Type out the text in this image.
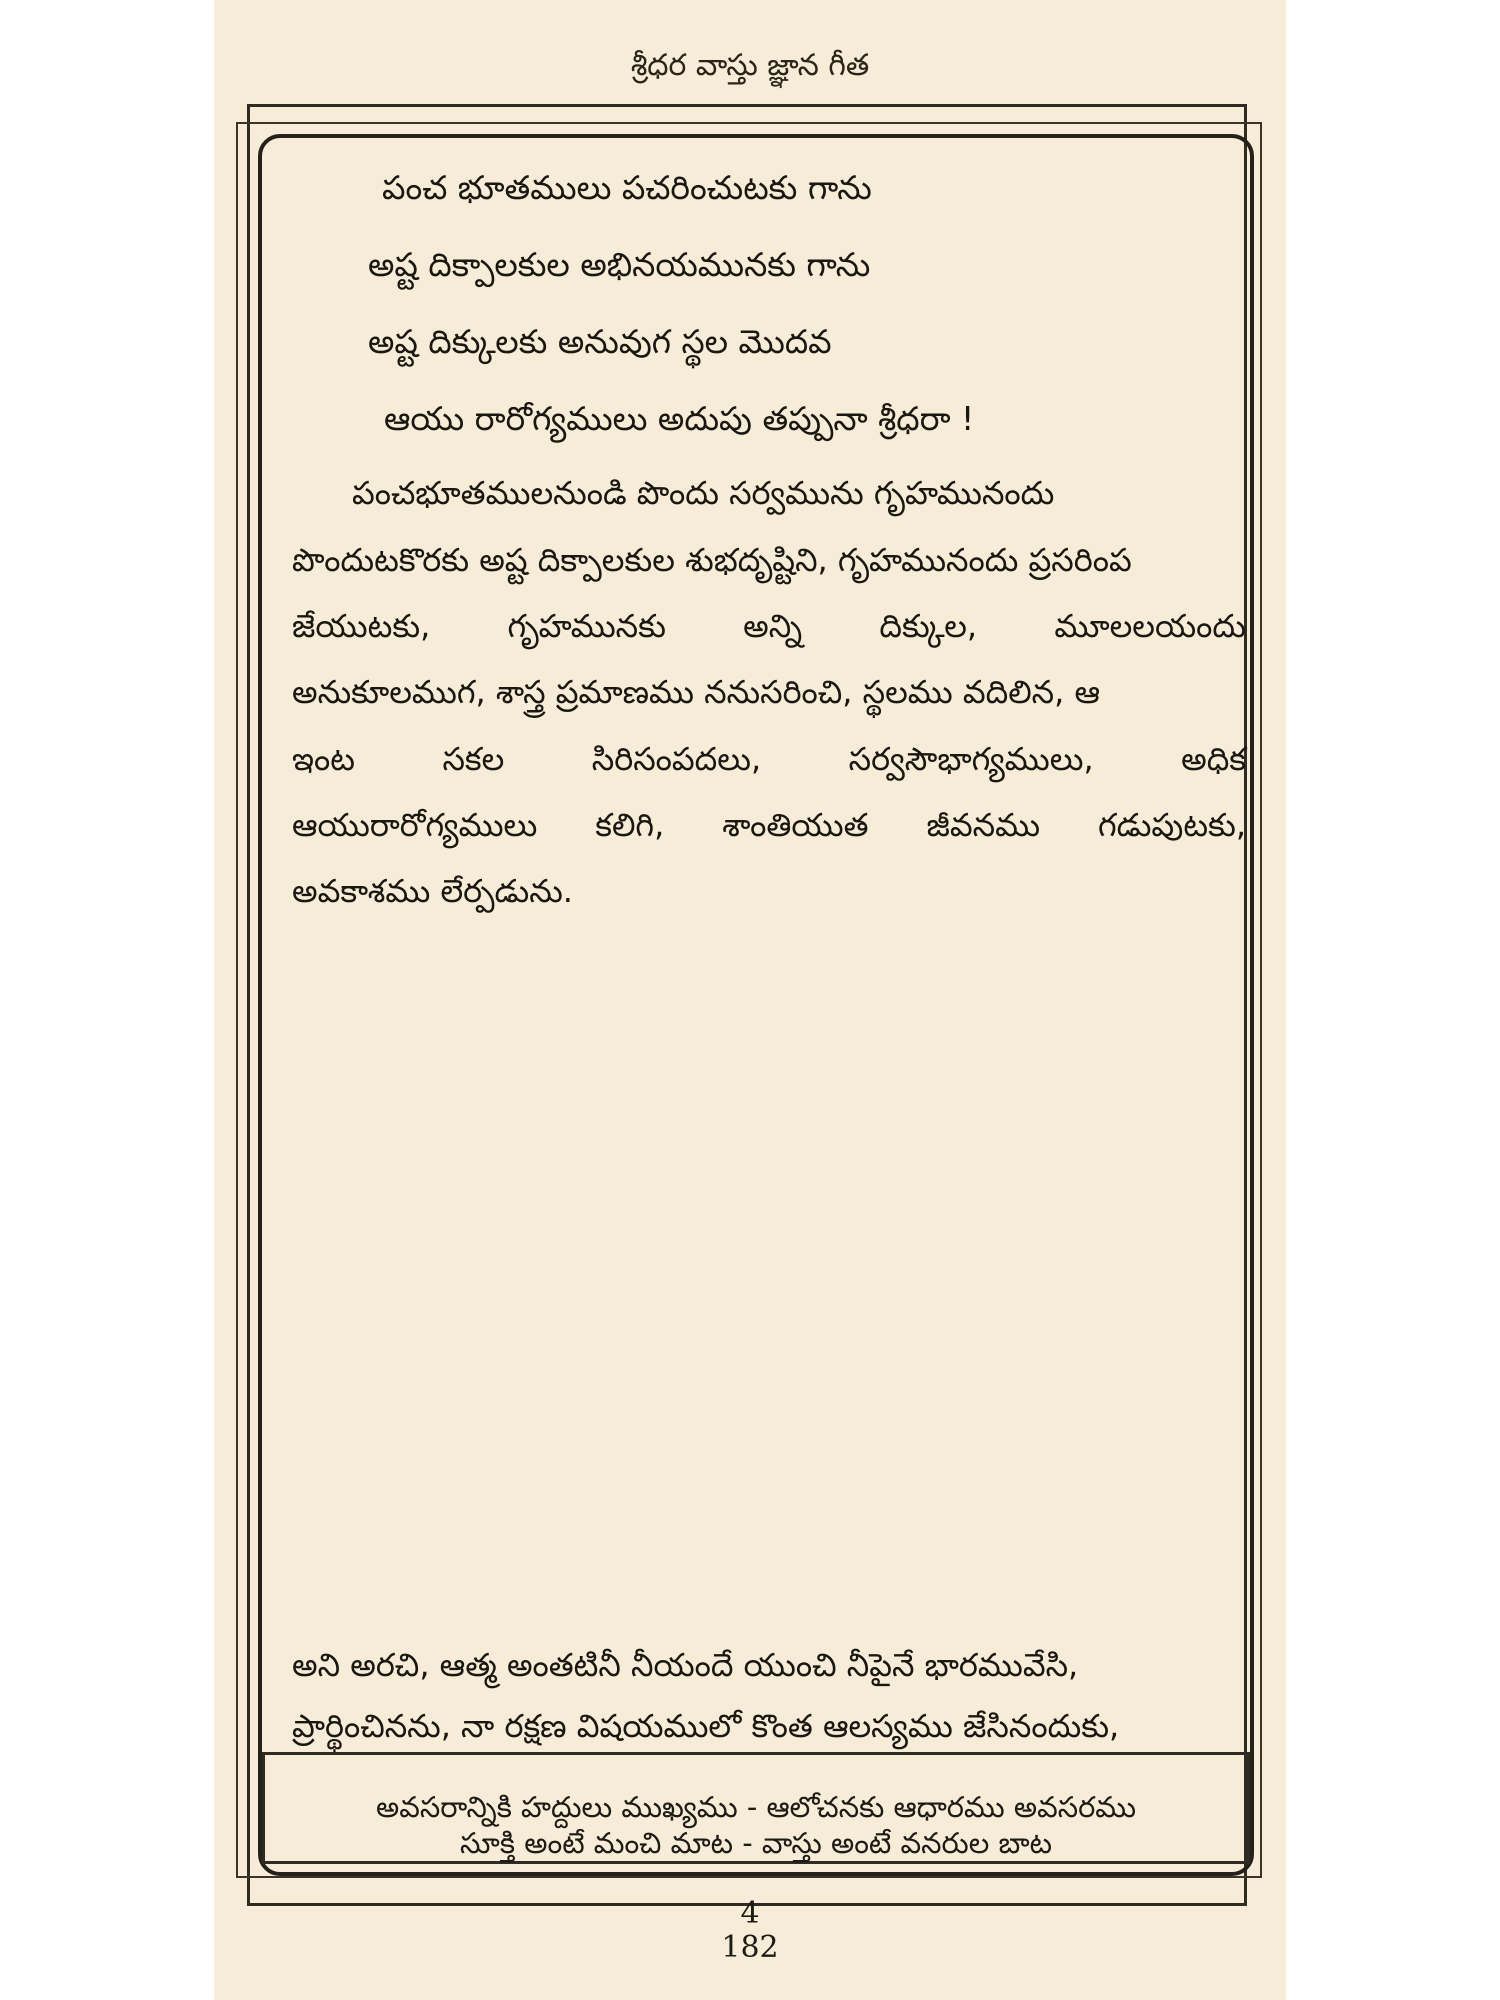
శ్రీధర వాస్తు జ్ఞాన గీత
పంచ భూతములు పచరించుటకు గాను
అష్ట దిక్పాలకుల అభినయమునకు గాను
అష్ట దిక్కులకు అనువుగ స్థల మొదవ
ఆయు రారోగ్యములు అదుపు తప్పునా శ్రీధరా !
పంచభూతములనుండి పొందు సర్వమును గృహమునందు
పొందుటకొరకు అష్ట దిక్పాలకుల శుభదృష్టిని, గృహమునందు ప్రసరింప
జేయుటకు, గృహమునకు అన్ని దిక్కుల, మూలలయందు
అనుకూలముగ, శాస్త్ర ప్రమాణము ననుసరించి, స్థలము వదిలిన, ఆ
ఇంట సకల సిరిసంపదలు, సర్వసౌభాగ్యములు, అధిక
ఆయురారోగ్యములు కలిగి, శాంతియుత జీవనము గడుపుటకు,
అవకాశము లేర్పడును.
అని అరచి, ఆత్మ అంతటినీ నీయందే యుంచి నీపైనే భారమువేసి,
ప్రార్థించినను, నా రక్షణ విషయములో కొంత ఆలస్యము జేసినందుకు,
అవసరాన్నికి హద్దులు ముఖ్యము - ఆలోచనకు ఆధారము అవసరము
సూక్తి అంటే మంచి మాట - వాస్తు అంటే వనరుల బాట
4
182
